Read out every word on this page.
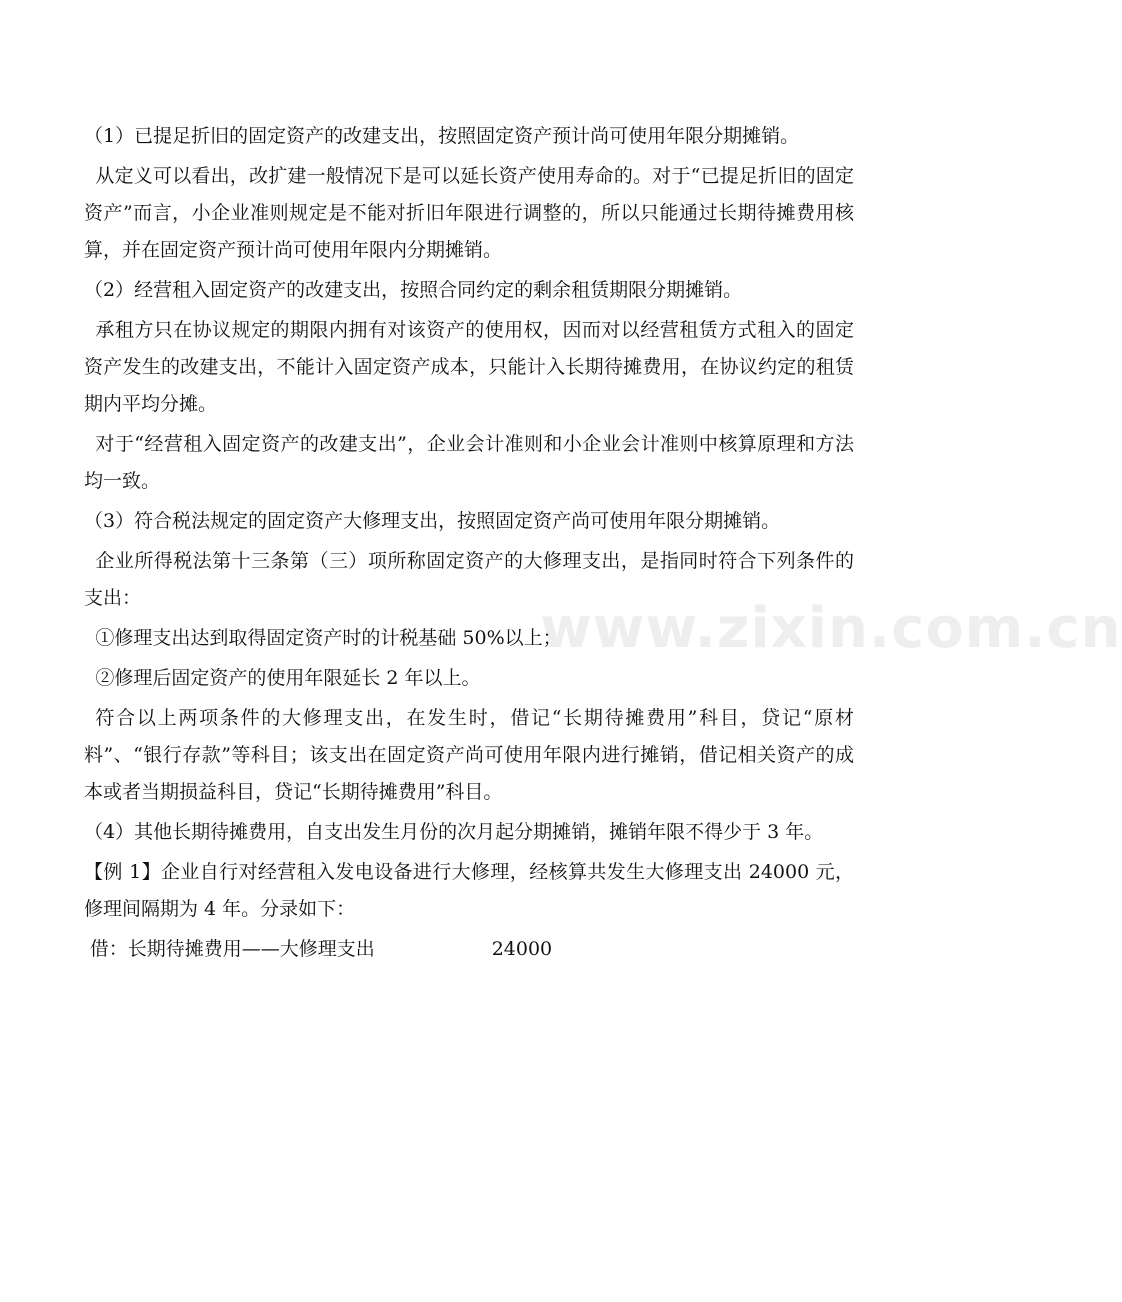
www.zixin.com.cn

（1）已提足折旧的固定资产的改建支出，按照固定资产预计尚可使用年限分期摊销。

从定义可以看出，改扩建一般情况下是可以延长资产使用寿命的。对于“已提足折旧的固定资产”而言，小企业准则规定是不能对折旧年限进行调整的，所以只能通过长期待摊费用核算，并在固定资产预计尚可使用年限内分期摊销。

（2）经营租入固定资产的改建支出，按照合同约定的剩余租赁期限分期摊销。

承租方只在协议规定的期限内拥有对该资产的使用权，因而对以经营租赁方式租入的固定资产发生的改建支出，不能计入固定资产成本，只能计入长期待摊费用，在协议约定的租赁期内平均分摊。

对于“经营租入固定资产的改建支出”，企业会计准则和小企业会计准则中核算原理和方法均一致。

（3）符合税法规定的固定资产大修理支出，按照固定资产尚可使用年限分期摊销。

企业所得税法第十三条第（三）项所称固定资产的大修理支出，是指同时符合下列条件的支出：

①修理支出达到取得固定资产时的计税基础 50%以上；

②修理后固定资产的使用年限延长 2 年以上。

符合以上两项条件的大修理支出，在发生时，借记“长期待摊费用”科目，贷记“原材料”、“银行存款”等科目；该支出在固定资产尚可使用年限内进行摊销，借记相关资产的成本或者当期损益科目，贷记“长期待摊费用”科目。

（4）其他长期待摊费用，自支出发生月份的次月起分期摊销，摊销年限不得少于 3 年。

【例 1】企业自行对经营租入发电设备进行大修理，经核算共发生大修理支出 24000 元，修理间隔期为 4 年。分录如下：

借：长期待摊费用——大修理支出	24000
